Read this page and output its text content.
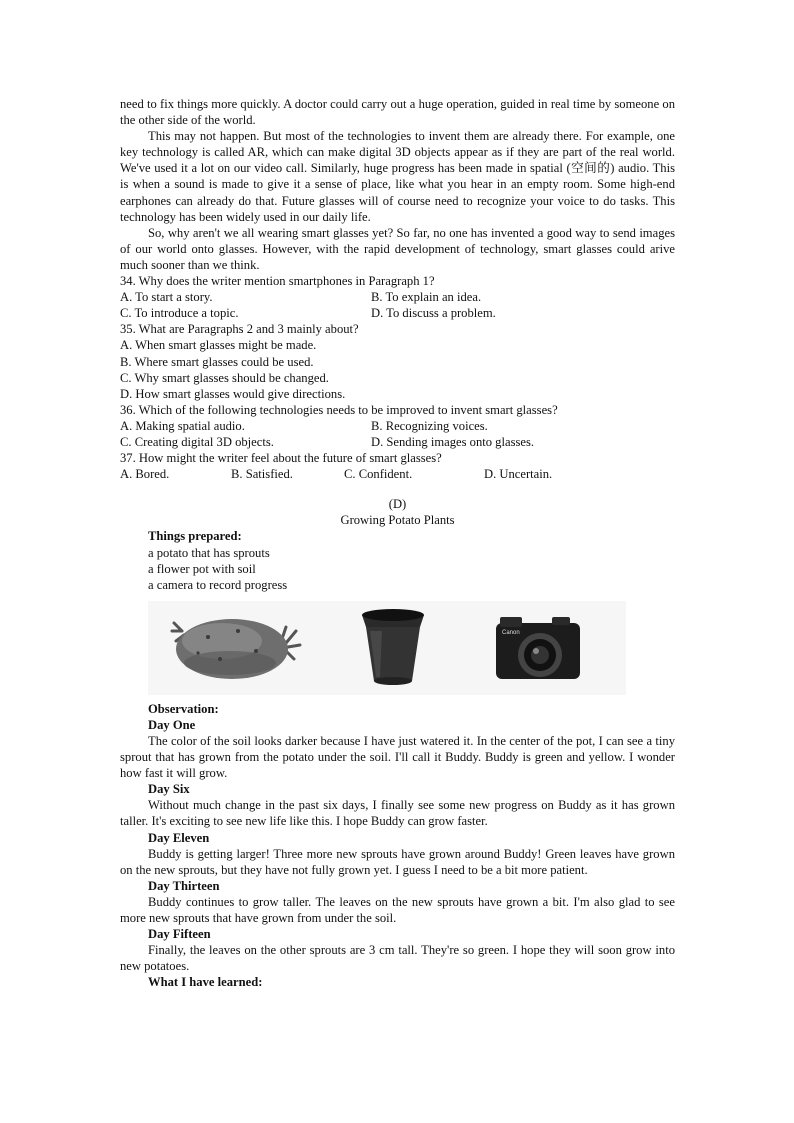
need to fix things more quickly. A doctor could carry out a huge operation, guided in real time by someone on the other side of the world.

This may not happen. But most of the technologies to invent them are already there. For example, one key technology is called AR, which can make digital 3D objects appear as if they are part of the real world. We've used it a lot on our video call. Similarly, huge progress has been made in spatial (空间的) audio. This is when a sound is made to give it a sense of place, like what you hear in an empty room. Some high-end earphones can already do that. Future glasses will of course need to recognize your voice to do tasks. This technology has been widely used in our daily life.

So, why aren't we all wearing smart glasses yet? So far, no one has invented a good way to send images of our world onto glasses. However, with the rapid development of technology, smart glasses could arive much sooner than we think.

34. Why does the writer mention smartphones in Paragraph 1?

A. To start a story.	B. To explain an idea.
C. To introduce a topic.	D. To discuss a problem.

35. What are Paragraphs 2 and 3 mainly about?

A. When smart glasses might be made.

B. Where smart glasses could be used.

C. Why smart glasses should be changed.

D. How smart glasses would give directions.

36. Which of the following technologies needs to be improved to invent smart glasses?

A. Making spatial audio.	B. Recognizing voices.
C. Creating digital 3D objects.	D. Sending images onto glasses.

37. How might the writer feel about the future of smart glasses?

A. Bored.	B. Satisfied.	C. Confident.	D. Uncertain.

(D)

Growing Potato Plants

Things prepared:

a potato that has sprouts

a flower pot with soil

a camera to record progress

Canon

Observation:

Day One

The color of the soil looks darker because I have just watered it. In the center of the pot, I can see a tiny sprout that has grown from the potato under the soil. I'll call it Buddy. Buddy is green and yellow. I wonder how fast it will grow.

Day Six

Without much change in the past six days, I finally see some new progress on Buddy as it has grown taller. It's exciting to see new life like this. I hope Buddy can grow faster.

Day Eleven

Buddy is getting larger! Three more new sprouts have grown around Buddy! Green leaves have grown on the new sprouts, but they have not fully grown yet. I guess I need to be a bit more patient.

Day Thirteen

Buddy continues to grow taller. The leaves on the new sprouts have grown a bit. I'm also glad to see more new sprouts that have grown from under the soil.

Day Fifteen

Finally, the leaves on the other sprouts are 3 cm tall. They're so green. I hope they will soon grow into new potatoes.

What I have learned:
